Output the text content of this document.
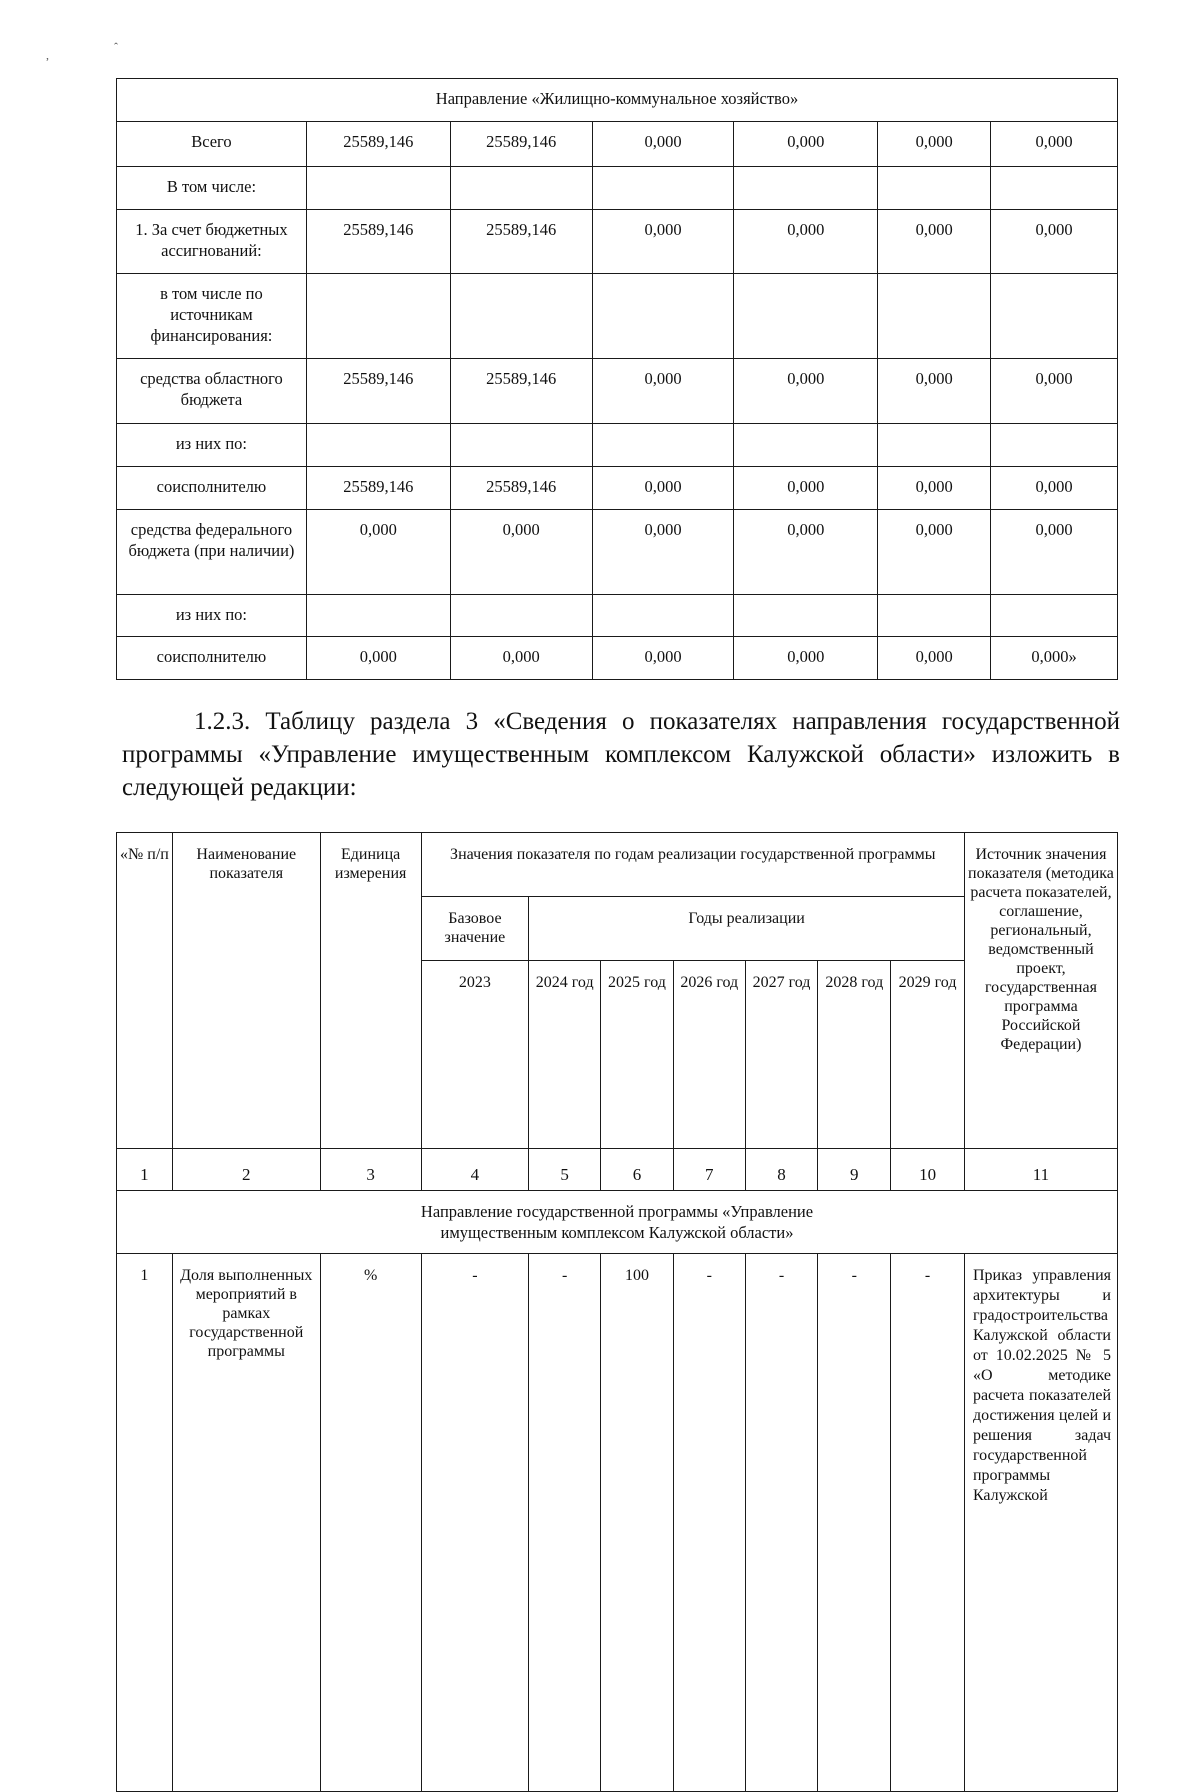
,
ˆ
Направление «Жилищно-коммунальное хозяйство»						
Всего	25589,146	25589,146	0,000	0,000	0,000	0,000
В том числе:						
1. За счет бюджетных ассигнований:	25589,146	25589,146	0,000	0,000	0,000	0,000
в том числе по источникам финансирования:						
средства областного бюджета	25589,146	25589,146	0,000	0,000	0,000	0,000
из них по:						
соисполнителю	25589,146	25589,146	0,000	0,000	0,000	0,000
средства федерального бюджета (при наличии)	0,000	0,000	0,000	0,000	0,000	0,000
из них по:						
соисполнителю	0,000	0,000	0,000	0,000	0,000	0,000»

1.2.3. Таблицу раздела 3 «Сведения о показателях направления государственной
программы «Управление имущественным комплексом Калужской области» изложить в следующей редакции:

«№ п/п	Наименование показателя	Единица измерения	Значения показателя по годам реализации государственной программы							Источник значения показателя (методика расчета показателей, соглашение, региональный, ведомственный проект, государственная программа Российской Федерации)
			Базовое значение	Годы реализации						
			2023	2024 год	2025 год	2026 год	2027 год	2028 год	2029 год	
1	2	3	4	5	6	7	8	9	10	11
Направление государственной программы «Управление имущественным комплексом Калужской области»										
1	Доля выполненных мероприятий в рамках государственной программы	%	-	-	100	-	-	-	-	Приказ управления архитектуры и градостроительства Калужской области от 10.02.2025 № 5 «О методике расчета показателей достижения целей и решения задач государственной программы Калужской
